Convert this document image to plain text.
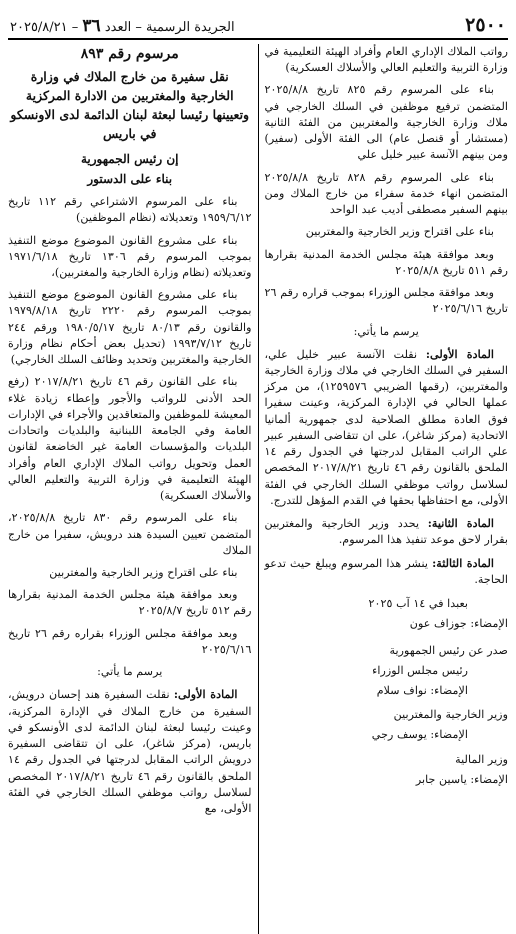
٢٥٠٠
الجريدة الرسمية – العدد ٣٦ – ٢٠٢٥/٨/٢١

رواتب الملاك الإداري العام وأفراد الهيئة التعليمية في وزارة التربية والتعليم العالي والأسلاك العسكرية)

بناء على المرسوم رقم ٨٢٥ تاريخ ٢٠٢٥/٨/٨ المتضمن ترفيع موظفين في السلك الخارجي في ملاك وزارة الخارجية والمغتربين من الفئة الثانية (مستشار أو قنصل عام) الى الفئة الأولى (سفير) ومن بينهم الآنسة عبير خليل علي

بناء على المرسوم رقم ٨٢٨ تاريخ ٢٠٢٥/٨/٨ المتضمن انهاء خدمة سفراء من خارج الملاك ومن بينهم السفير مصطفى أديب عبد الواحد

بناء على اقتراح وزير الخارجية والمغتربين

وبعد موافقة هيئة مجلس الخدمة المدنية بقرارها رقم ٥١١ تاريخ ٢٠٢٥/٨/٨

وبعد موافقة مجلس الوزراء بموجب قراره رقم ٢٦ تاريخ ٢٠٢٥/٦/١٦

يرسم ما يأتي:

المادة الأولى: نقلت الآنسة عبير خليل علي، السفير في السلك الخارجي في ملاك وزارة الخارجية والمغتربين، (رقمها الضريبي ١٢٥٩٥٧٦)، من مركز عملها الحالي في الإدارة المركزية، وعينت سفيرا فوق العادة مطلق الصلاحية لدى جمهورية ألمانيا الاتحادية (مركز شاغر)، على ان تتقاضى السفير عبير علي الراتب المقابل لدرجتها في الجدول رقم ١٤ الملحق بالقانون رقم ٤٦ تاريخ ٢٠١٧/٨/٢١ المخصص لسلاسل رواتب موظفي السلك الخارجي في الفئة الأولى، مع احتفاظها بحقها في القدم المؤهل للتدرج.

المادة الثانية: يحدد وزير الخارجية والمغتربين بقرار لاحق موعد تنفيذ هذا المرسوم.

المادة الثالثة: ينشر هذا المرسوم ويبلغ حيث تدعو الحاجة.

بعبدا في ١٤ آب ٢٠٢٥

الإمضاء: جوزاف عون

صدر عن رئيس الجمهورية

رئيس مجلس الوزراء

الإمضاء: نواف سلام

وزير الخارجية والمغتربين

الإمضاء: يوسف رجي

وزير المالية

الإمضاء: ياسين جابر

مرسوم رقم ٨٩٣

نقل سفيرة من خارج الملاك في وزارة الخارجية والمغتربين من الادارة المركزية وتعيينها رئيسا لبعثة لبنان الدائمة لدى الاونسكو في باريس

إن رئيس الجمهورية

بناء على الدستور

بناء على المرسوم الاشتراعي رقم ١١٢ تاريخ ١٩٥٩/٦/١٢ وتعديلاته (نظام الموظفين)

بناء على مشروع القانون الموضوع موضع التنفيذ بموجب المرسوم رقم ١٣٠٦ تاريخ ١٩٧١/٦/١٨ وتعديلاته (نظام وزارة الخارجية والمغتربين)،

بناء على مشروع القانون الموضوع موضع التنفيذ بموجب المرسوم رقم ٢٢٢٠ تاريخ ١٩٧٩/٨/١٨ والقانون رقم ٨٠/١٣ تاريخ ١٩٨٠/٥/١٧ ورقم ٢٤٤ تاريخ ١٩٩٣/٧/١٢ (تحديل بعض أحكام نظام وزارة الخارجية والمغتربين وتحديد وظائف السلك الخارجي)

بناء على القانون رقم ٤٦ تاريخ ٢٠١٧/٨/٢١ (رفع الحد الأدنى للرواتب والأجور وإعطاء زيادة غلاء المعيشة للموظفين والمتعاقدين والأجراء في الإدارات العامة وفي الجامعة اللبنانية والبلديات واتحادات البلديات والمؤسسات العامة غير الخاضعة لقانون العمل وتحويل رواتب الملاك الإداري العام وأفراد الهيئة التعليمية في وزارة التربية والتعليم العالي والأسلاك العسكرية)

بناء على المرسوم رقم ٨٣٠ تاريخ ٢٠٢٥/٨/٨، المتضمن تعيين السيدة هند درويش، سفيرا من خارج الملاك

بناء على اقتراح وزير الخارجية والمغتربين

وبعد موافقة هيئة مجلس الخدمة المدنية بقرارها رقم ٥١٢ تاريخ ٢٠٢٥/٨/٧

وبعد موافقة مجلس الوزراء بقراره رقم ٢٦ تاريخ ٢٠٢٥/٦/١٦

يرسم ما يأتي:

المادة الأولى: نقلت السفيرة هند إحسان درويش، السفيرة من خارج الملاك في الإدارة المركزية، وعينت رئيسا لبعثة لبنان الدائمة لدى الأونسكو في باريس، (مركز شاغر)، على ان تتقاضى السفيرة درويش الراتب المقابل لدرجتها في الجدول رقم ١٤ الملحق بالقانون رقم ٤٦ تاريخ ٢٠١٧/٨/٢١ المخصص لسلاسل رواتب موظفي السلك الخارجي في الفئة الأولى، مع
